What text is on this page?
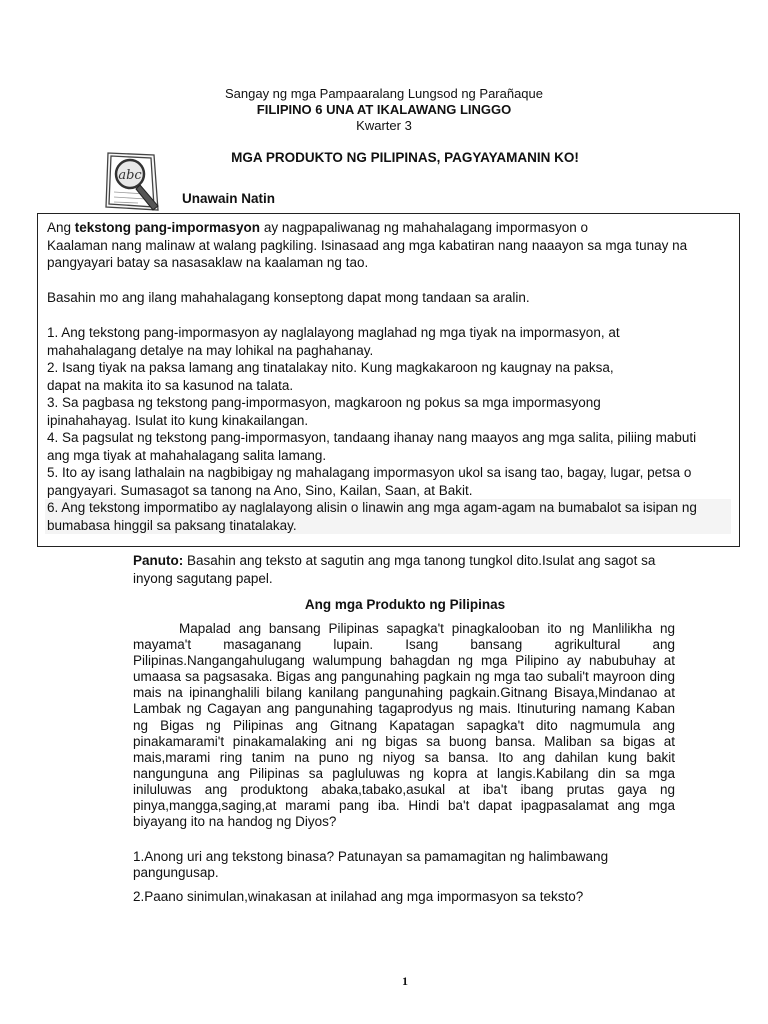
Sangay ng mga Pampaaralang Lungsod ng Parañaque
FILIPINO 6 UNA AT IKALAWANG LINGGO
Kwarter 3
MGA PRODUKTO NG PILIPINAS, PAGYAYAMANIN KO!
abc
Unawain Natin

Ang tekstong pang-impormasyon ay nagpapaliwanag ng mahahalagang impormasyon o

Kaalaman nang malinaw at walang pagkiling. Isinasaad ang mga kabatiran nang naaayon sa mga tunay na

pangyayari batay sa nasasaklaw na kaalaman ng tao.

Basahin mo ang ilang mahahalagang konseptong dapat mong tandaan sa aralin.

1. Ang tekstong pang-impormasyon ay naglalayong maglahad ng mga tiyak na impormasyon, at
mahahalagang detalye na may lohikal na paghahanay.
2. Isang tiyak na paksa lamang ang tinatalakay nito. Kung magkakaroon ng kaugnay na paksa,
dapat na makita ito sa kasunod na talata.
3. Sa pagbasa ng tekstong pang-impormasyon, magkaroon ng pokus sa mga impormasyong
ipinahahayag. Isulat ito kung kinakailangan.
4. Sa pagsulat ng tekstong pang-impormasyon, tandaang ihanay nang maayos ang mga salita, piliing mabuti
ang mga tiyak at mahahalagang salita lamang.
5. Ito ay isang lathalain na nagbibigay ng mahalagang impormasyon ukol sa isang tao, bagay, lugar, petsa o
pangyayari. Sumasagot sa tanong na Ano, Sino, Kailan, Saan, at Bakit.
6. Ang tekstong impormatibo ay naglalayong alisin o linawin ang mga agam-agam na bumabalot sa isipan ng
bumabasa hinggil sa paksang tinatalakay.
Panuto: Basahin ang teksto at sagutin ang mga tanong tungkol dito.Isulat ang sagot sa inyong sagutang papel.
Ang mga Produkto ng Pilipinas

Mapalad ang bansang Pilipinas sapagka't pinagkalooban ito ng Manlilikha ng mayama't masaganang lupain. Isang bansang agrikultural ang Pilipinas.Nangangahulugang walumpung bahagdan ng mga Pilipino ay nabubuhay at umaasa sa pagsasaka. Bigas ang pangunahing pagkain ng mga tao subali't mayroon ding mais na ipinanghalili bilang kanilang pangunahing pagkain.Gitnang Bisaya,Mindanao at Lambak ng Cagayan ang pangunahing tagaprodyus ng mais. Itinuturing namang Kaban ng Bigas ng Pilipinas ang Gitnang Kapatagan sapagka't dito nagmumula ang pinakamarami't pinakamalaking ani ng bigas sa buong bansa. Maliban sa bigas at mais,marami ring tanim na puno ng niyog sa bansa. Ito ang dahilan kung bakit nangunguna ang Pilipinas sa pagluluwas ng kopra at langis.Kabilang din sa mga iniluluwas ang produktong abaka,tabako,asukal at iba't ibang prutas gaya ng pinya,mangga,saging,at marami pang iba. Hindi ba't dapat ipagpasalamat ang mga biyayang ito na handog ng Diyos?

1.Anong uri ang tekstong binasa? Patunayan sa pamamagitan ng halimbawang pangungusap.
2.Paano sinimulan,winakasan at inilahad ang mga impormasyon sa teksto?
1
